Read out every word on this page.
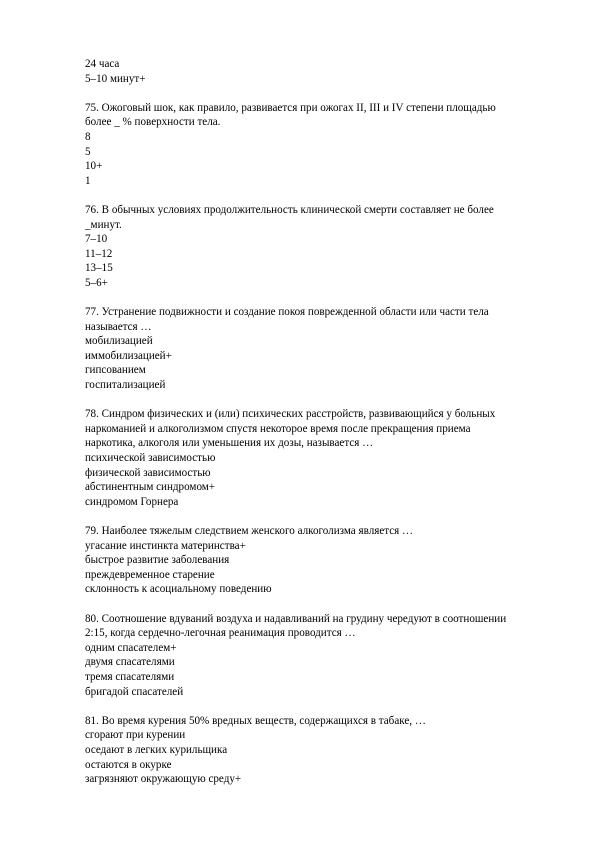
24 часа
5–10 минут+
75. Ожоговый шок, как правило, развивается при ожогах II, III и IV степени площадью
более _ % поверхности тела.
8
5
10+
1
76. В обычных условиях продолжительность клинической смерти составляет не более
_минут.
7–10
11–12
13–15
5–6+
77. Устранение подвижности и создание покоя поврежденной области или части тела
называется …
мобилизацией
иммобилизацией+
гипсованием
госпитализацией
78. Синдром физических и (или) психических расстройств, развивающийся у больных
наркоманией и алкоголизмом спустя некоторое время после прекращения приема
наркотика, алкоголя или уменьшения их дозы, называется …
психической зависимостью
физической зависимостью
абстинентным синдромом+
синдромом Горнера
79. Наиболее тяжелым следствием женского алкоголизма является …
угасание инстинкта материнства+
быстрое развитие заболевания
преждевременное старение
склонность к асоциальному поведению
80. Соотношение вдуваний воздуха и надавливаний на грудину чередуют в соотношении
2:15, когда сердечно-легочная реанимация проводится …
одним спасателем+
двумя спасателями
тремя спасателями
бригадой спасателей
81. Во время курения 50% вредных веществ, содержащихся в табаке, …
сгорают при курении
оседают в легких курильщика
остаются в окурке
загрязняют окружающую среду+
